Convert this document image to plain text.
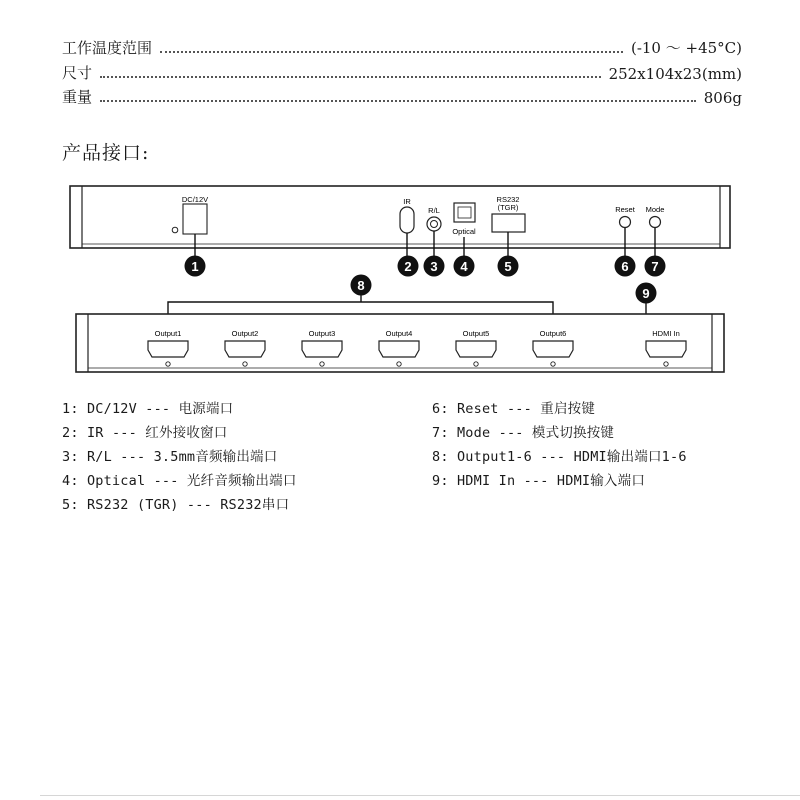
工作温度范围	(-10 ～ +45°C)
尺寸	252x104x23(mm)
重量	806g
产品接口:
DC/12V	IR
R/L
Optical
RS232
(TGR)	Reset Mode
1	2 3 4	5	6 7
8
9
Output1	Output2	Output3	Output4	Output5	Output6	HDMI In
1: DC/12V --- 电源端口
2: IR --- 红外接收窗口
3: R/L --- 3.5mm音频输出端口
4: Optical --- 光纤音频输出端口
5: RS232 (TGR) --- RS232串口
6: Reset --- 重启按键
7: Mode --- 模式切换按键
8: Output1-6 --- HDMI输出端口1-6
9: HDMI In --- HDMI输入端口
